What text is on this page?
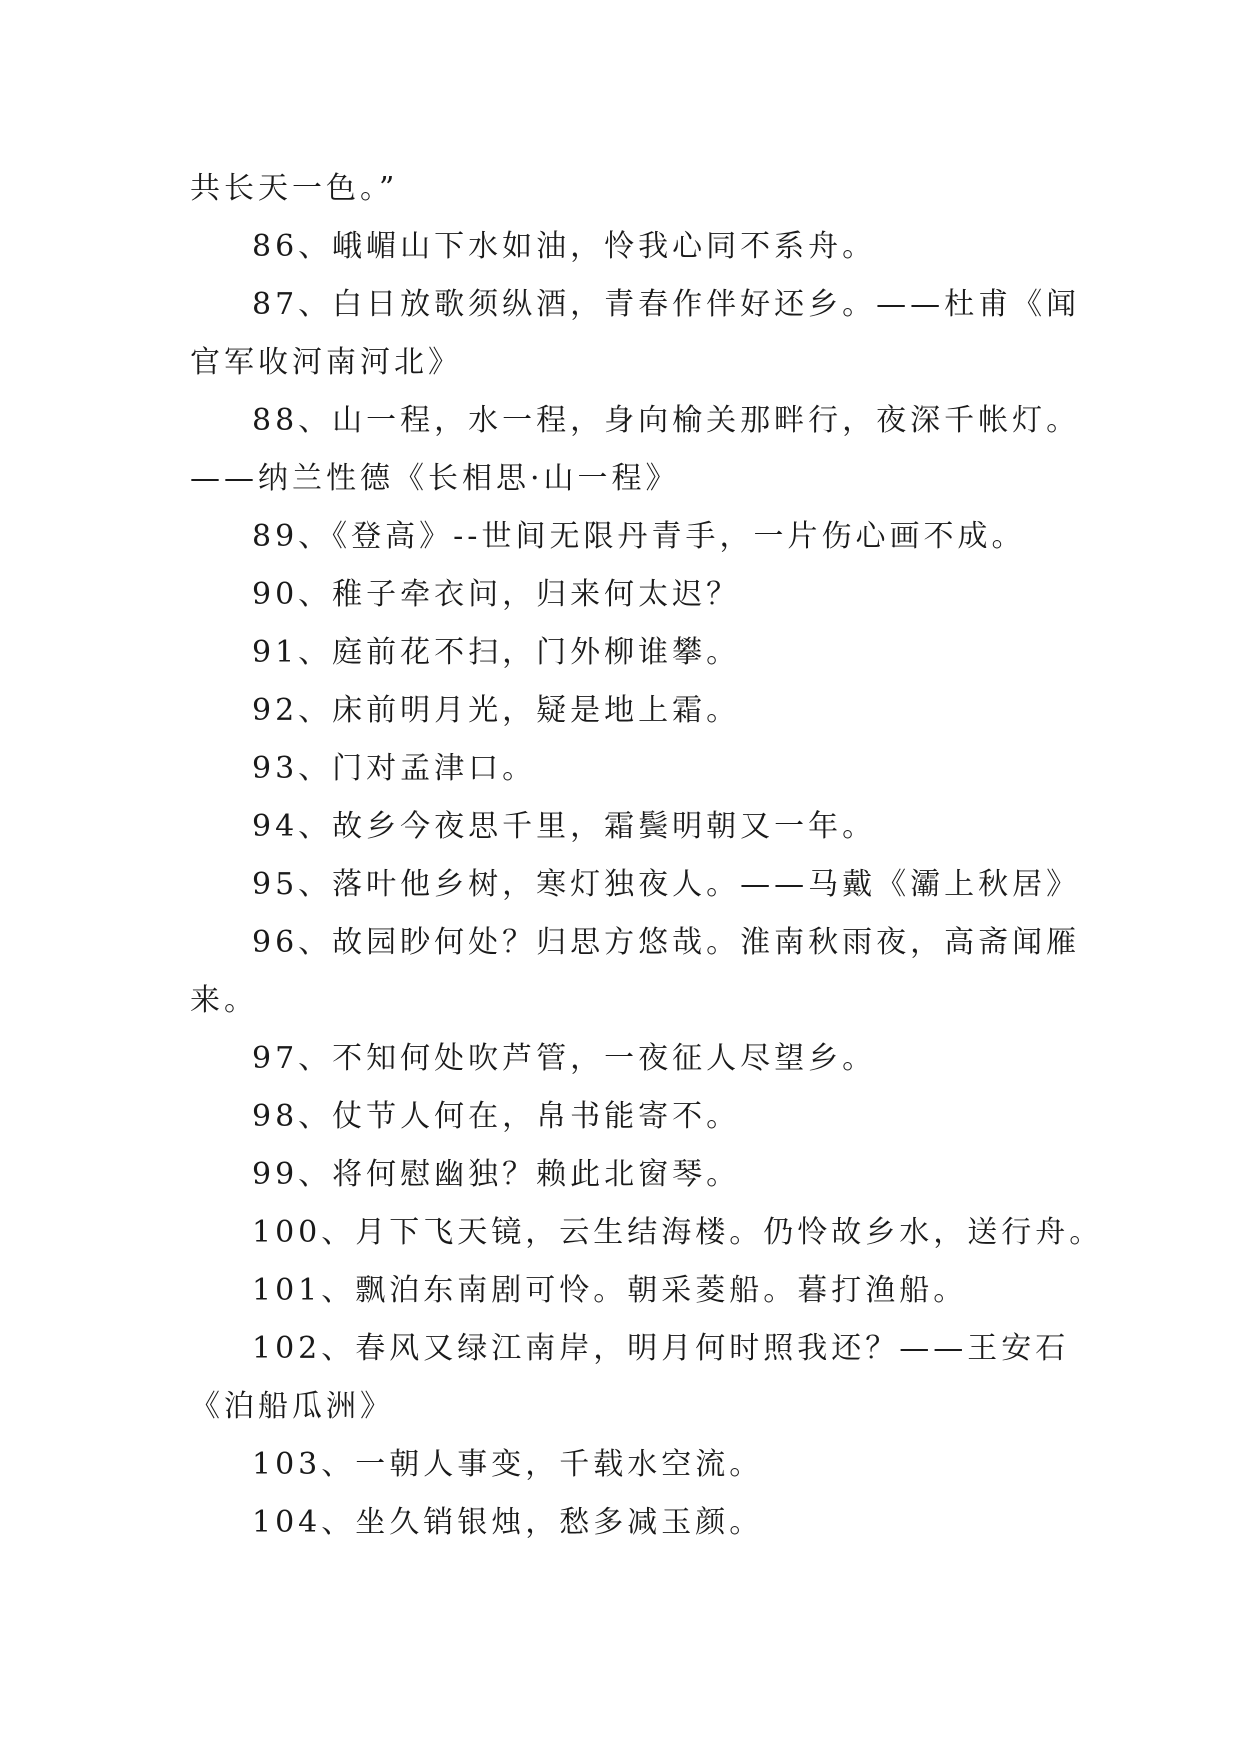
共长天一色。”
86、峨嵋山下水如油，怜我心同不系舟。
87、白日放歌须纵酒，青春作伴好还乡。——杜甫《闻
官军收河南河北》
88、山一程，水一程，身向榆关那畔行，夜深千帐灯。
——纳兰性德《长相思·山一程》
89、《登高》--世间无限丹青手，一片伤心画不成。
90、稚子牵衣问，归来何太迟？
91、庭前花不扫，门外柳谁攀。
92、床前明月光，疑是地上霜。
93、门对孟津口。
94、故乡今夜思千里，霜鬓明朝又一年。
95、落叶他乡树，寒灯独夜人。——马戴《灞上秋居》
96、故园眇何处？归思方悠哉。淮南秋雨夜，高斋闻雁
来。
97、不知何处吹芦管，一夜征人尽望乡。
98、仗节人何在，帛书能寄不。
99、将何慰幽独？赖此北窗琴。
100、月下飞天镜，云生结海楼。仍怜故乡水，送行舟。
101、飘泊东南剧可怜。朝采菱船。暮打渔船。
102、春风又绿江南岸，明月何时照我还？——王安石
《泊船瓜洲》
103、一朝人事变，千载水空流。
104、坐久销银烛，愁多减玉颜。
